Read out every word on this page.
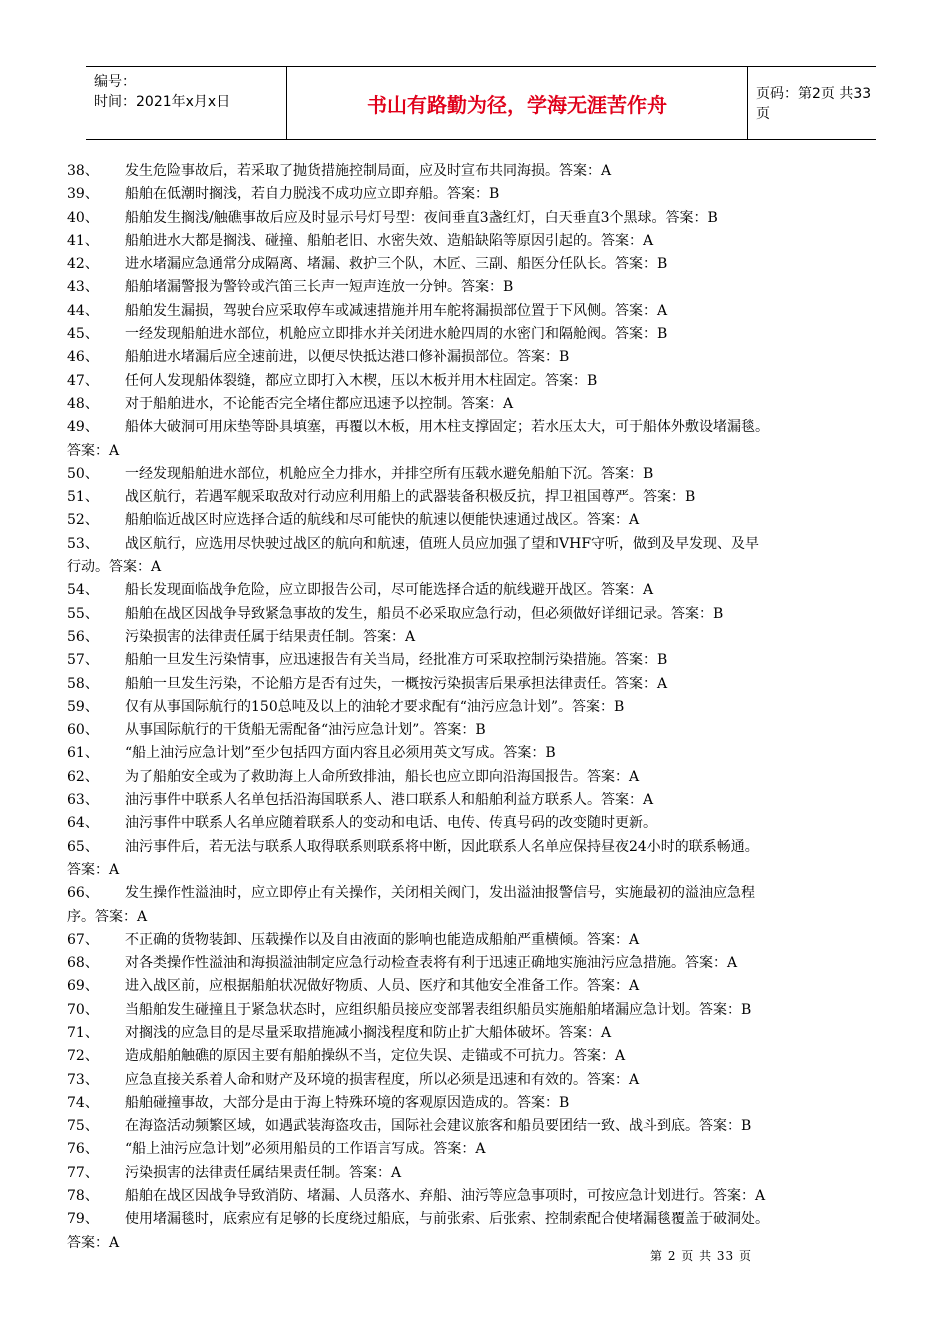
编号：
时间：2021年x月x日	书山有路勤为径，学海无涯苦作舟	页码：第2页 共33页
38、 发生危险事故后，若采取了抛货措施控制局面，应及时宣布共同海损。答案：A
39、 船舶在低潮时搁浅，若自力脱浅不成功应立即弃船。答案：B
40、 船舶发生搁浅/触礁事故后应及时显示号灯号型：夜间垂直3盏红灯，白天垂直3个黑球。答案：B
41、 船舶进水大都是搁浅、碰撞、船舶老旧、水密失效、造船缺陷等原因引起的。答案：A
42、 进水堵漏应急通常分成隔离、堵漏、救护三个队，木匠、三副、船医分任队长。答案：B
43、 船舶堵漏警报为警铃或汽笛三长声一短声连放一分钟。答案：B
44、 船舶发生漏损，驾驶台应采取停车或减速措施并用车舵将漏损部位置于下风侧。答案：A
45、 一经发现船舶进水部位，机舱应立即排水并关闭进水舱四周的水密门和隔舱阀。答案：B
46、 船舶进水堵漏后应全速前进，以便尽快抵达港口修补漏损部位。答案：B
47、 任何人发现船体裂缝，都应立即打入木楔，压以木板并用木柱固定。答案：B
48、 对于船舶进水，不论能否完全堵住都应迅速予以控制。答案：A
49、 船体大破洞可用床垫等卧具填塞，再覆以木板，用木柱支撑固定；若水压太大，可于船体外敷设堵漏毯。
答案：A
50、 一经发现船舶进水部位，机舱应全力排水，并排空所有压载水避免船舶下沉。答案：B
51、 战区航行，若遇军舰采取敌对行动应利用船上的武器装备积极反抗，捍卫祖国尊严。答案：B
52、 船舶临近战区时应选择合适的航线和尽可能快的航速以便能快速通过战区。答案：A
53、 战区航行，应选用尽快驶过战区的航向和航速，值班人员应加强了望和VHF守听，做到及早发现、及早
行动。答案：A
54、 船长发现面临战争危险，应立即报告公司，尽可能选择合适的航线避开战区。答案：A
55、 船舶在战区因战争导致紧急事故的发生，船员不必采取应急行动，但必须做好详细记录。答案：B
56、 污染损害的法律责任属于结果责任制。答案：A
57、 船舶一旦发生污染情事，应迅速报告有关当局，经批准方可采取控制污染措施。答案：B
58、 船舶一旦发生污染，不论船方是否有过失，一概按污染损害后果承担法律责任。答案：A
59、 仅有从事国际航行的150总吨及以上的油轮才要求配有“油污应急计划”。答案：B
60、 从事国际航行的干货船无需配备“油污应急计划”。答案：B
61、 “船上油污应急计划”至少包括四方面内容且必须用英文写成。答案：B
62、 为了船舶安全或为了救助海上人命所致排油，船长也应立即向沿海国报告。答案：A
63、 油污事件中联系人名单包括沿海国联系人、港口联系人和船舶利益方联系人。答案：A
64、 油污事件中联系人名单应随着联系人的变动和电话、电传、传真号码的改变随时更新。
65、 油污事件后，若无法与联系人取得联系则联系将中断，因此联系人名单应保持昼夜24小时的联系畅通。
答案：A
66、 发生操作性溢油时，应立即停止有关操作，关闭相关阀门，发出溢油报警信号，实施最初的溢油应急程
序。答案：A
67、 不正确的货物装卸、压载操作以及自由液面的影响也能造成船舶严重横倾。答案：A
68、 对各类操作性溢油和海损溢油制定应急行动检查表将有利于迅速正确地实施油污应急措施。答案：A
69、 进入战区前，应根据船舶状况做好物质、人员、医疗和其他安全准备工作。答案：A
70、 当船舶发生碰撞且于紧急状态时，应组织船员接应变部署表组织船员实施船舶堵漏应急计划。答案：B
71、 对搁浅的应急目的是尽量采取措施减小搁浅程度和防止扩大船体破坏。答案：A
72、 造成船舶触礁的原因主要有船舶操纵不当，定位失误、走锚或不可抗力。答案：A
73、 应急直接关系着人命和财产及环境的损害程度，所以必须是迅速和有效的。答案：A
74、 船舶碰撞事故，大部分是由于海上特殊环境的客观原因造成的。答案：B
75、 在海盗活动频繁区域，如遇武装海盗攻击，国际社会建议旅客和船员要团结一致、战斗到底。答案：B
76、 “船上油污应急计划”必须用船员的工作语言写成。答案：A
77、 污染损害的法律责任属结果责任制。答案：A
78、 船舶在战区因战争导致消防、堵漏、人员落水、弃船、油污等应急事项时，可按应急计划进行。答案：A
79、 使用堵漏毯时，底索应有足够的长度绕过船底，与前张索、后张索、控制索配合使堵漏毯覆盖于破洞处。
答案：A
第 2 页 共 33 页
